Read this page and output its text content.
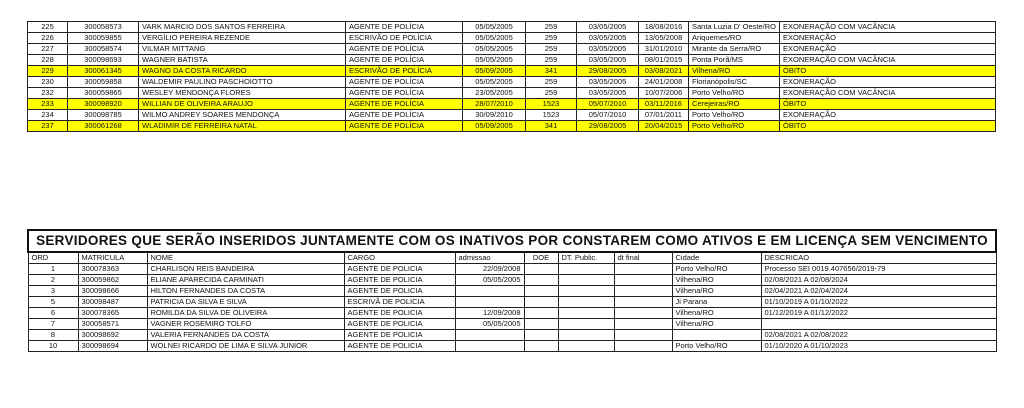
225	300058573	VARK MARCIO DOS SANTOS FERREIRA	AGENTE DE POLÍCIA	05/05/2005	259	03/05/2005	18/08/2016	Santa Luzia D' Oeste/RO	EXONERAÇÃO COM VACÂNCIA
226	300059855	VERGÍLIO PEREIRA REZENDE	ESCRIVÃO DE POLÍCIA	05/05/2005	259	03/05/2005	13/05/2008	Ariquemes/RO	EXONERAÇÃO
227	300058574	VILMAR MITTANG	AGENTE DE POLÍCIA	05/05/2005	259	03/05/2005	31/01/2010	Mirante da Serra/RO	EXONERAÇÃO
228	300098693	WAGNER BATISTA	AGENTE DE POLÍCIA	05/05/2005	259	03/05/2005	08/01/2015	Ponta Porã/MS	EXONERAÇÃO COM VACÂNCIA
229	300061345	WAGNO DA COSTA RICARDO	ESCRIVÃO DE POLÍCIA	05/09/2005	341	29/08/2005	03/08/2021	Vilhena/RO	ÓBITO
230	300059858	WALDEMIR PAULINO PASCHOIOTTO	AGENTE DE POLÍCIA	05/05/2005	259	03/05/2005	24/01/2008	Florianópolis/SC	EXONERAÇÃO
232	300059865	WESLEY MENDONÇA FLORES	AGENTE DE POLÍCIA	23/05/2005	259	03/05/2005	10/07/2006	Porto Velho/RO	EXONERAÇÃO COM VACÂNCIA
233	300098920	WILLIAN DE OLIVEIRA ARAUJO	AGENTE DE POLÍCIA	28/07/2010	1523	05/07/2010	03/11/2016	Cerejeiras/RO	ÓBITO
234	300098785	WILMO ANDREY SOARES MENDONÇA	AGENTE DE POLÍCIA	30/09/2010	1523	05/07/2010	07/01/2011	Porto Velho/RO	EXONERAÇÃO
237	300061268	WLADIMIR DE FERREIRA NATAL	AGENTE DE POLÍCIA	05/09/2005	341	29/08/2005	20/04/2015	Porto Velho/RO	ÓBITO
SERVIDORES QUE SERÃO INSERIDOS JUNTAMENTE COM OS INATIVOS POR CONSTAREM COMO ATIVOS E EM LICENÇA SEM VENCIMENTO									
ORD	MATRICULA	NOME	CARGO	admissao	DOE	DT. Public.	dt final	Cidade	DESCRICAO
1	300078363	CHARLISON REIS BANDEIRA	AGENTE DE POLICIA	22/09/2008				Porto Velho/RO	Processo SEI 0019.407656/2019-79
2	300059862	ELIANE APARECIDA CARMINATI	AGENTE DE POLICIA	05/05/2005				Vilhena/RO	02/08/2021 A 02/08/2024
3	300098666	HILTON FERNANDES DA COSTA	AGENTE DE POLICIA					Vilhena/RO	02/04/2021 A 02/04/2024
5	300098487	PATRICIA DA SILVA E SILVA	ESCRIVÃ DE POLICIA					Ji Parana	01/10/2019 A 01/10/2022
6	300078365	ROMILDA DA SILVA DE OLIVEIRA	AGENTE DE POLICIA	12/09/2008				Vilhena/RO	01/12/2019 A 01/12/2022
7	300058571	VAGNER ROSEMIRO TOLFO	AGENTE DE POLICIA	05/05/2005				Vilhena/RO	
8	300098692	VALERIA FERNANDES DA COSTA	AGENTE DE POLICIA						02/08/2021 A 02/08/2022
10	300098694	WOLNEI RICARDO DE LIMA E SILVA JUNIOR	AGENTE DE POLICIA					Porto Velho/RO	01/10/2020 A 01/10/2023
